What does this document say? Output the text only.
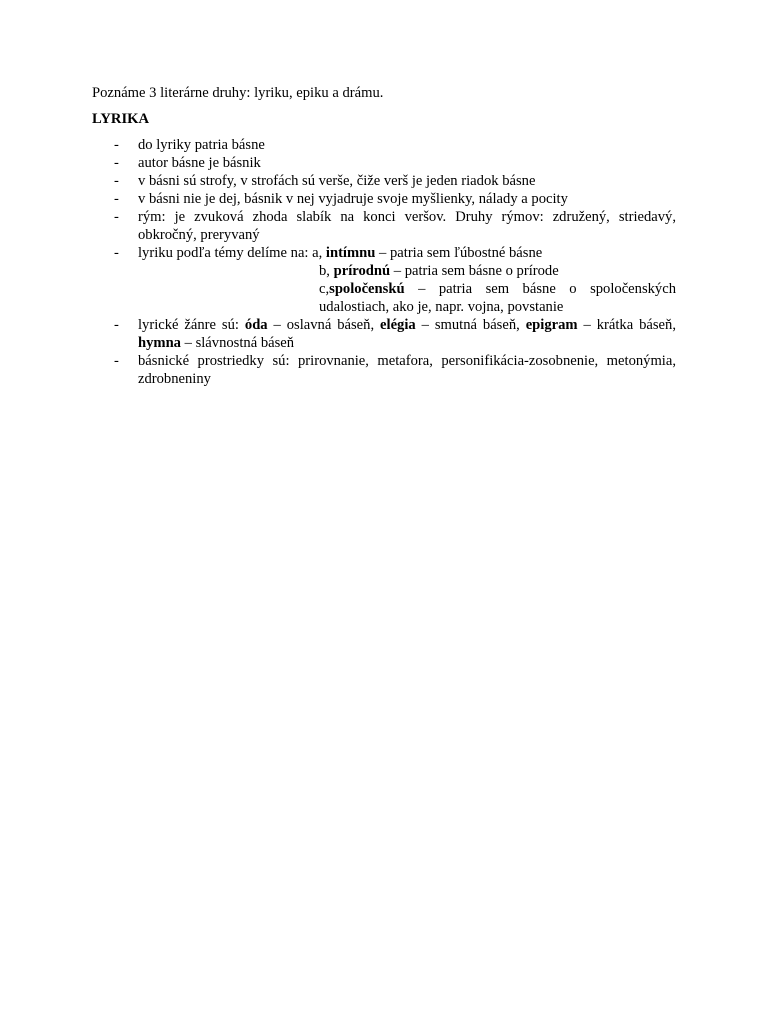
Poznáme 3 literárne druhy: lyriku, epiku a drámu.

LYRIKA

- do lyriky patria básne
- autor básne je básnik
- v básni sú strofy, v strofách sú verše, čiže verš je jeden riadok básne
- v básni nie je dej, básnik v nej vyjadruje svoje myšlienky, nálady a pocity
- rým: je zvuková zhoda slabík na konci veršov. Druhy rýmov: združený, striedavý, obkročný, preryvaný
- lyriku podľa témy delíme na: a, intímnu – patria sem ľúbostné básne
b, prírodnú – patria sem básne o prírode
c,spoločenskú – patria sem básne o spoločenských udalostiach, ako je, napr. vojna, povstanie
- lyrické žánre sú: óda – oslavná báseň, elégia – smutná báseň, epigram – krátka báseň, hymna – slávnostná báseň
- básnické prostriedky sú: prirovnanie, metafora, personifikácia-zosobnenie, metonýmia, zdrobneniny
